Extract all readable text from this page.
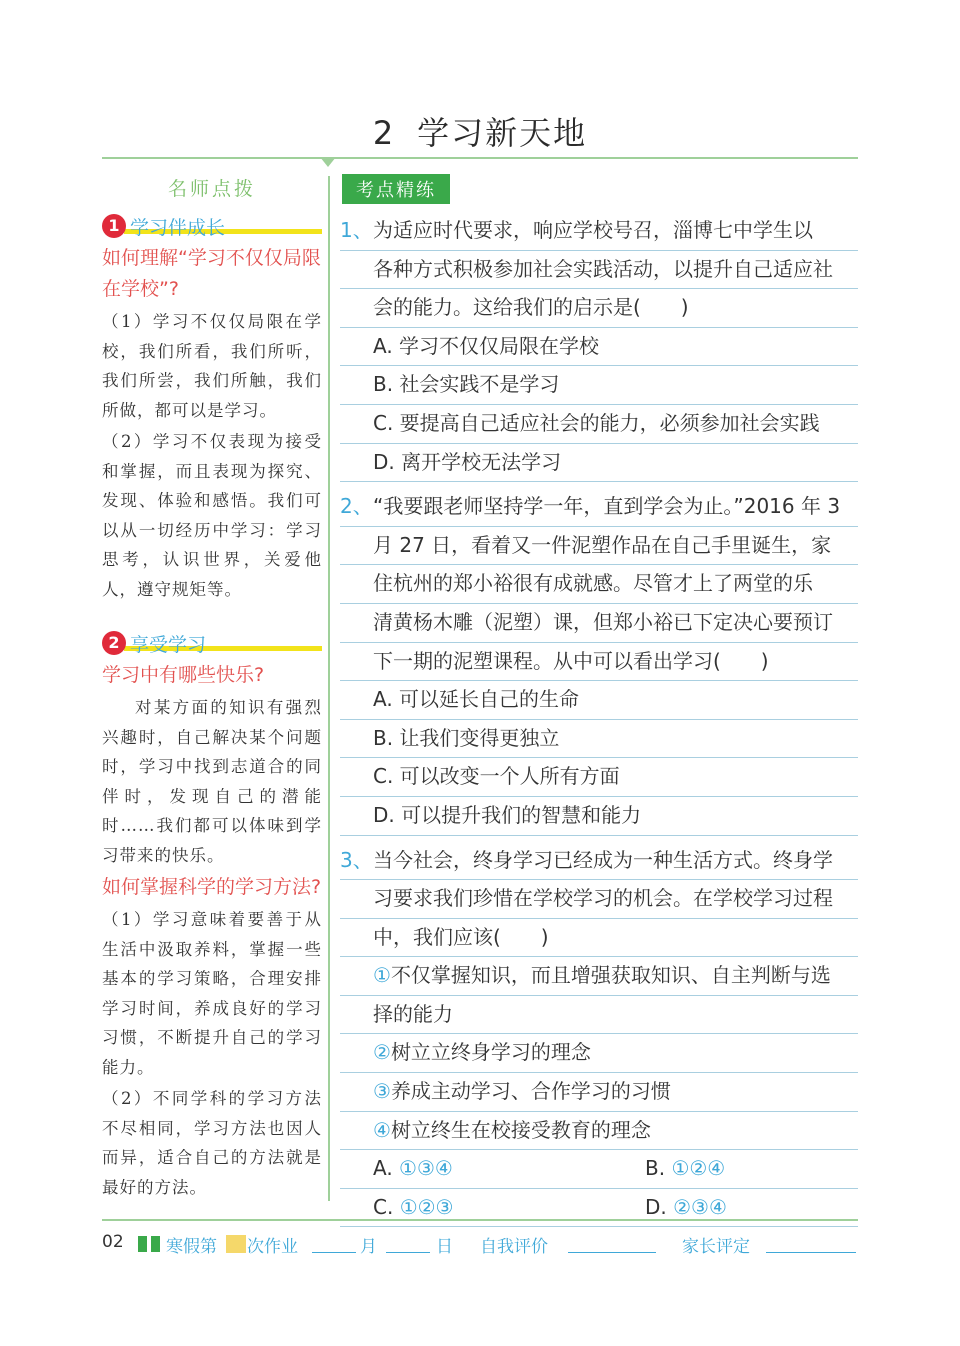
2 学习新天地
名师点拨
1 学习伴成长
如何理解“学习不仅仅局限在学校”?

（1）学习不仅仅局限在学校，我们所看，我们所听，我们所尝，我们所触，我们所做，都可以是学习。

（2）学习不仅表现为接受和掌握，而且表现为探究、发现、体验和感悟。我们可以从一切经历中学习：学习思考，认识世界，关爱他人，遵守规矩等。

2 享受学习
学习中有哪些快乐?

对某方面的知识有强烈兴趣时，自己解决某个问题时，学习中找到志道合的同伴时，发现自己的潜能时……我们都可以体味到学习带来的快乐。

如何掌握科学的学习方法?

（1）学习意味着要善于从生活中汲取养料，掌握一些基本的学习策略，合理安排学习时间，养成良好的学习习惯，不断提升自己的学习能力。

（2）不同学科的学习方法不尽相同，学习方法也因人而异，适合自己的方法就是最好的方法。

考点精练
1、 为适应时代要求，响应学校号召，淄博七中学生以
各种方式积极参加社会实践活动，以提升自己适应社
会的能力。这给我们的启示是(　　)
A. 学习不仅仅局限在学校
B. 社会实践不是学习
C. 要提高自己适应社会的能力，必须参加社会实践
D. 离开学校无法学习
2、 “我要跟老师坚持学一年，直到学会为止。”2016 年 3
月 27 日，看着又一件泥塑作品在自己手里诞生，家
住杭州的郑小裕很有成就感。尽管才上了两堂的乐
清黄杨木雕（泥塑）课，但郑小裕已下定决心要预订
下一期的泥塑课程。从中可以看出学习(　　)
A. 可以延长自己的生命
B. 让我们变得更独立
C. 可以改变一个人所有方面
D. 可以提升我们的智慧和能力
3、 当今社会，终身学习已经成为一种生活方式。终身学
习要求我们珍惜在学校学习的机会。在学校学习过程
中，我们应该(　　)
①不仅掌握知识，而且增强获取知识、自主判断与选
择的能力
②树立立终身学习的理念
③养成主动学习、合作学习的习惯
④树立终生在校接受教育的理念
A. ①③④	B. ①②④
C. ①②③	D. ②③④
02 寒假第 次作业	月	日 自我评价	家长评定
